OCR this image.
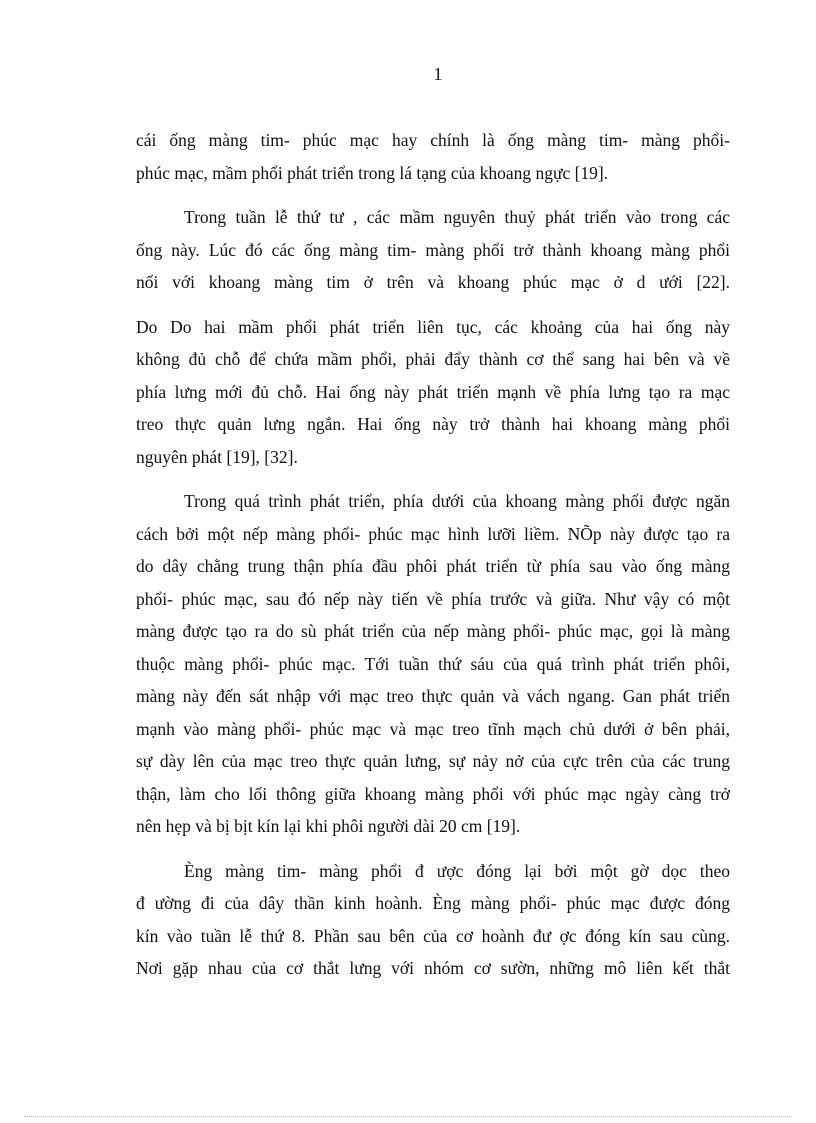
1

cái ống màng tim- phúc mạc hay chính là ống màng tim- màng phổi-
phúc mạc, mầm phổi phát triển trong lá tạng của khoang ngực [19].

Trong tuần lễ thứ tư , các mầm nguyên thuỷ phát triển vào trong các
ống này. Lúc đó các ống màng tim- màng phổi trở thành khoang màng phổi
nối với khoang màng tim ở trên và khoang phúc mạc ở d ưới [22].

Do Do hai mầm phổi phát triển liên tục, các khoảng của hai ống này
không đủ chỗ để chứa mầm phổi, phải đẩy thành cơ thể sang hai bên và về
phía lưng mới đủ chỗ. Hai ống này phát triển mạnh về phía lưng tạo ra mạc
treo thực quản lưng ngắn. Hai ống này trở thành hai khoang màng phổi
nguyên phát [19], [32].

Trong quá trình phát triển, phía dưới của khoang màng phổi được ngăn
cách bởi một nếp màng phổi- phúc mạc hình lưỡi liềm. NÕp này được tạo ra
do dây chằng trung thận phía đầu phôi phát triển từ phía sau vào ống màng
phổi- phúc mạc, sau đó nếp này tiến về phía trước và giữa. Như vậy có một
màng được tạo ra do sù phát triển của nếp màng phổi- phúc mạc, gọi là màng
thuộc màng phổi- phúc mạc. Tới tuần thứ sáu của quá trình phát triển phôi,
màng này đến sát nhập với mạc treo thực quản và vách ngang. Gan phát triển
mạnh vào màng phổi- phúc mạc và mạc treo tĩnh mạch chủ dưới ở bên phải,
sự dày lên của mạc treo thực quản lưng, sự nảy nở của cực trên của các trung
thận, làm cho lối thông giữa khoang màng phổi với phúc mạc ngày càng trở
nên hẹp và bị bịt kín lại khi phôi người dài 20 cm [19].

Èng màng tim- màng phổi đ ược đóng lại bởi một gờ dọc theo
đ ường đi của dây thần kinh hoành. Èng màng phổi- phúc mạc được đóng
kín vào tuần lễ thứ 8. Phần sau bên của cơ hoành đư ợc đóng kín sau cùng.
Nơi gặp nhau của cơ thắt lưng với nhóm cơ sườn, những mô liên kết thắt
